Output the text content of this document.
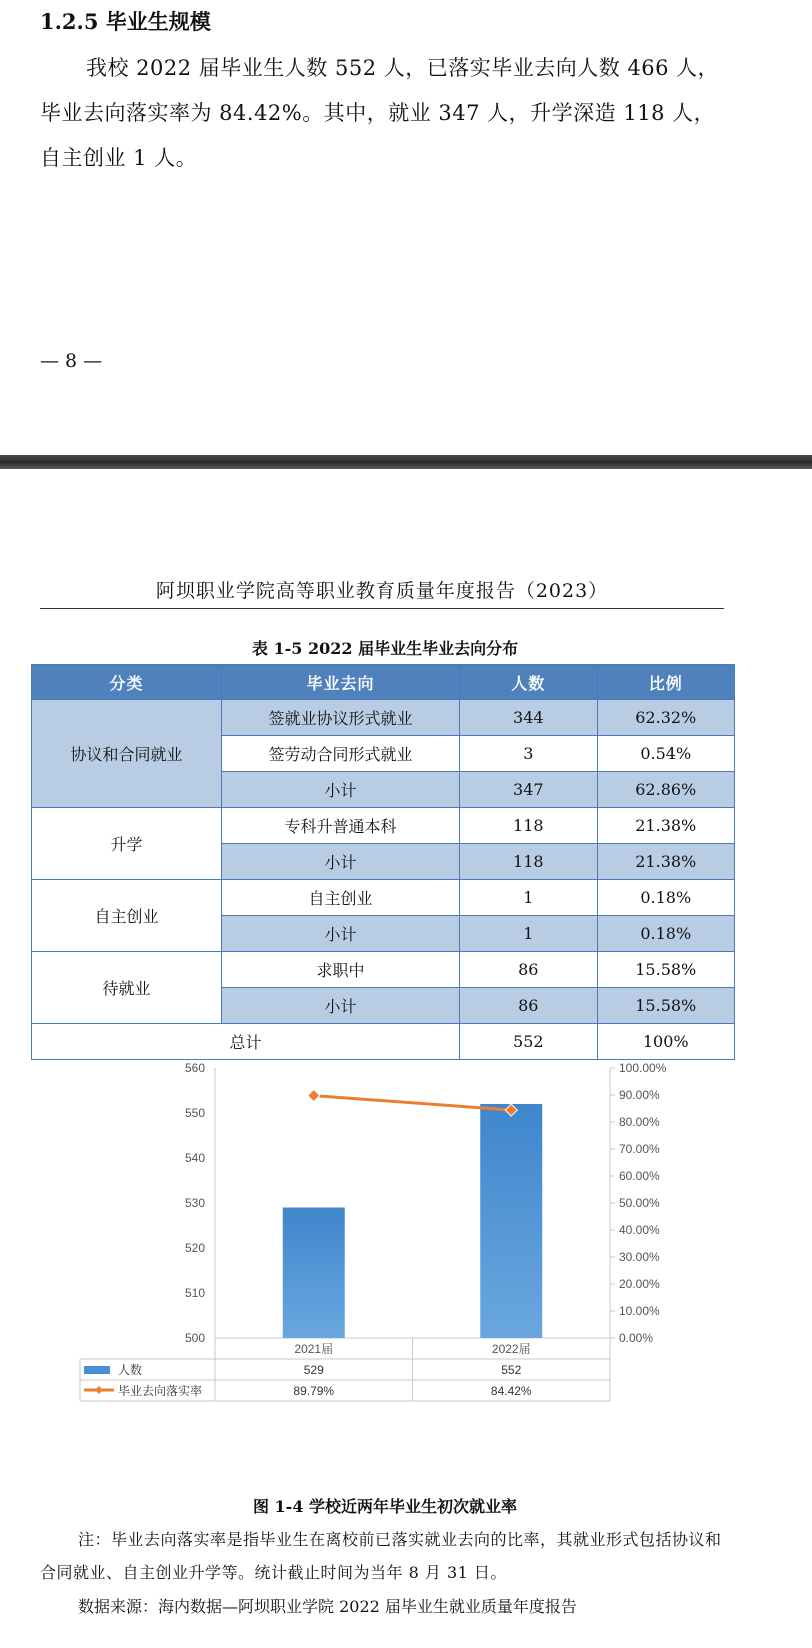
1.2.5 毕业生规模

我校 2022 届毕业生人数 552 人，已落实毕业去向人数 466 人，毕业去向落实率为 84.42%。其中，就业 347 人，升学深造 118 人，自主创业 1 人。

— 8 —
阿坝职业学院高等职业教育质量年度报告（2023）
表 1-5 2022 届毕业生毕业去向分布
分类	毕业去向	人数	比例
协议和合同就业	签就业协议形式就业	344	62.32%
	签劳动合同形式就业	3	0.54%
	小计	347	62.86%
升学	专科升普通本科	118	21.38%
	小计	118	21.38%
自主创业	自主创业	1	0.18%
	小计	1	0.18%
待就业	求职中	86	15.58%
	小计	86	15.58%
总计		552	100%
500
510
520
530
540
550
560
0.00%
10.00%
20.00%
30.00%
40.00%
50.00%
60.00%
70.00%
80.00%
90.00%
100.00%
2021届
529
89.79%
2022届
552
84.42%
人数
毕业去向落实率
图 1-4 学校近两年毕业生初次就业率

注：毕业去向落实率是指毕业生在离校前已落实就业去向的比率，其就业形式包括协议和合同就业、自主创业升学等。统计截止时间为当年 8 月 31 日。

数据来源：海内数据—阿坝职业学院 2022 届毕业生就业质量年度报告
